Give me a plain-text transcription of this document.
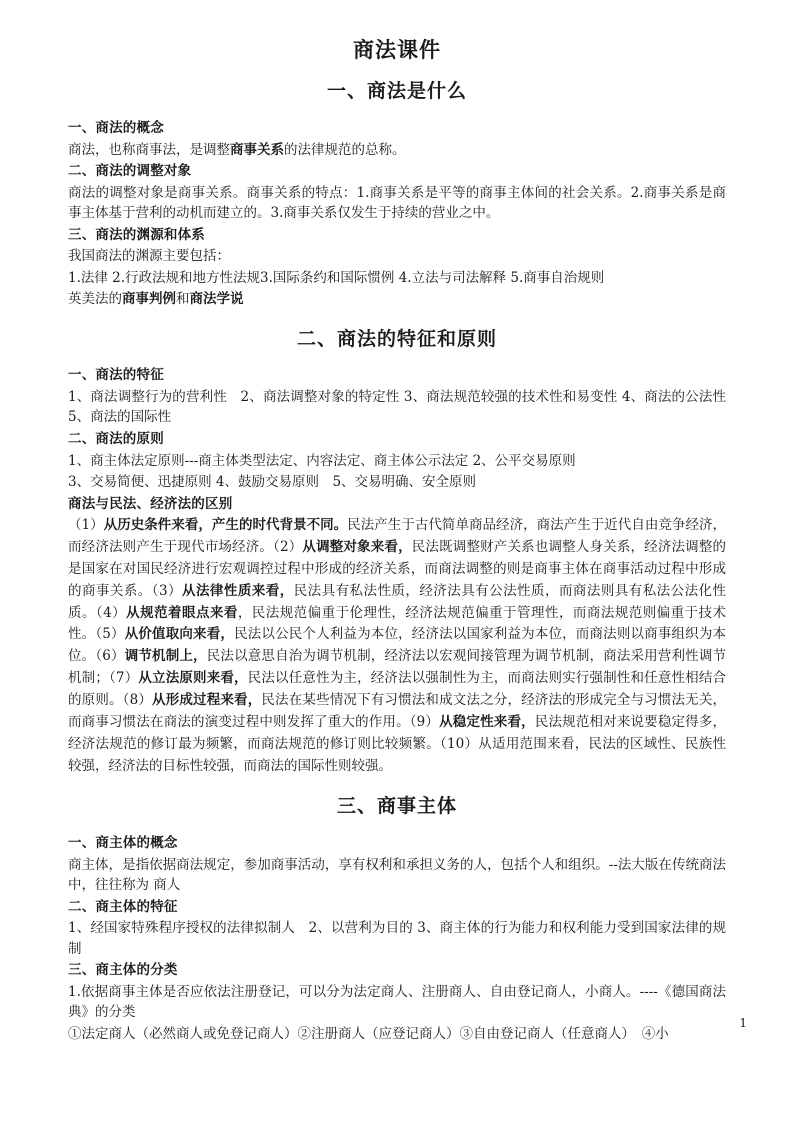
商法课件
一、商法是什么
一、商法的概念
商法，也称商事法，是调整商事关系的法律规范的总称。
二、商法的调整对象
商法的调整对象是商事关系。商事关系的特点：1.商事关系是平等的商事主体间的社会关系。2.商事关系是商事主体基于营利的动机而建立的。3.商事关系仅发生于持续的营业之中。
三、商法的渊源和体系
我国商法的渊源主要包括：
1.法律 2.行政法规和地方性法规3.国际条约和国际惯例 4.立法与司法解释 5.商事自治规则
英美法的商事判例和商法学说
二、商法的特征和原则
一、商法的特征
1、商法调整行为的营利性　2、商法调整对象的特定性 3、商法规范较强的技术性和易变性 4、商法的公法性 5、商法的国际性
二、商法的原则
1、商主体法定原则---商主体类型法定、内容法定、商主体公示法定 2、公平交易原则
3、交易简便、迅捷原则 4、鼓励交易原则　5、交易明确、安全原则
商法与民法、经济法的区别
（1）从历史条件来看，产生的时代背景不同。民法产生于古代简单商品经济，商法产生于近代自由竞争经济，而经济法则产生于现代市场经济。（2）从调整对象来看，民法既调整财产关系也调整人身关系，经济法调整的是国家在对国民经济进行宏观调控过程中形成的经济关系，而商法调整的则是商事主体在商事活动过程中形成的商事关系。（3）从法律性质来看，民法具有私法性质，经济法具有公法性质，而商法则具有私法公法化性质。（4）从规范着眼点来看，民法规范偏重于伦理性，经济法规范偏重于管理性，而商法规范则偏重于技术性。（5）从价值取向来看，民法以公民个人利益为本位，经济法以国家利益为本位，而商法则以商事组织为本位。（6）调节机制上，民法以意思自治为调节机制，经济法以宏观间接管理为调节机制，商法采用营利性调节机制；（7）从立法原则来看，民法以任意性为主，经济法以强制性为主，而商法则实行强制性和任意性相结合的原则。（8）从形成过程来看，民法在某些情况下有习惯法和成文法之分，经济法的形成完全与习惯法无关，而商事习惯法在商法的演变过程中则发挥了重大的作用。（9）从稳定性来看，民法规范相对来说要稳定得多，经济法规范的修订最为频繁，而商法规范的修订则比较频繁。（10）从适用范围来看，民法的区域性、民族性较强，经济法的目标性较强，而商法的国际性则较强。
三、商事主体
一、商主体的概念
商主体，是指依据商法规定，参加商事活动，享有权利和承担义务的人，包括个人和组织。--法大版在传统商法中，往往称为 商人
二、商主体的特征
1、经国家特殊程序授权的法律拟制人　2、以营利为目的 3、商主体的行为能力和权利能力受到国家法律的规制
三、商主体的分类
1.依据商事主体是否应依法注册登记，可以分为法定商人、注册商人、自由登记商人，小商人。----《德国商法典》的分类
①法定商人（必然商人或免登记商人）②注册商人（应登记商人）③自由登记商人（任意商人）　④小
1
